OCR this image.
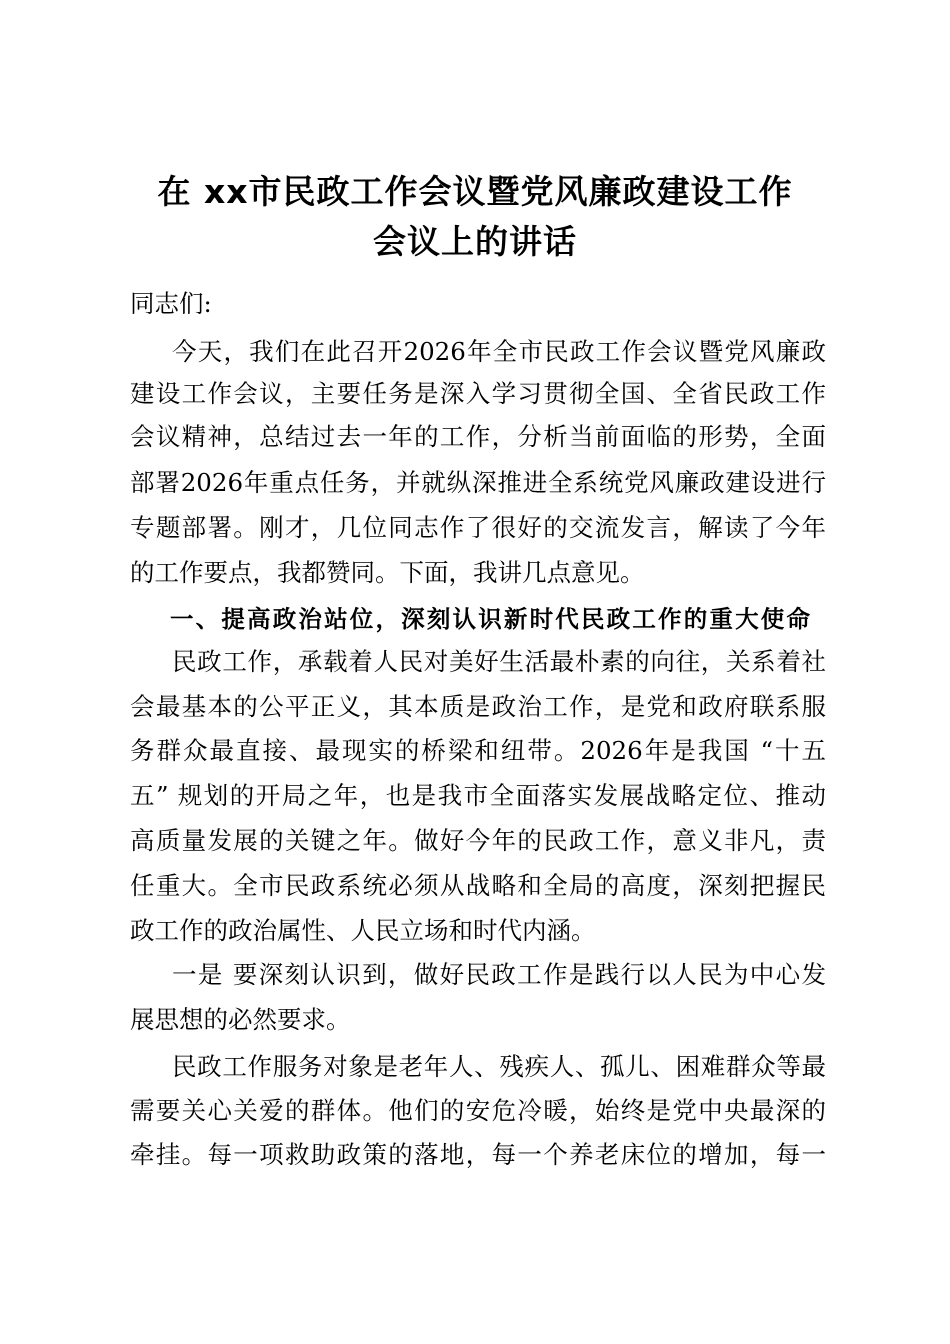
在 xx市民政工作会议暨党风廉政建设工作
会议上的讲话
同志们:
今天，我们在此召开2026年全市民政工作会议暨党风廉政
建设工作会议，主要任务是深入学习贯彻全国、全省民政工作
会议精神，总结过去一年的工作，分析当前面临的形势，全面
部署2026年重点任务，并就纵深推进全系统党风廉政建设进行
专题部署。刚才，几位同志作了很好的交流发言，解读了今年
的工作要点，我都赞同。下面，我讲几点意见。
一、提高政治站位，深刻认识新时代民政工作的重大使命
民政工作，承载着人民对美好生活最朴素的向往，关系着社
会最基本的公平正义，其本质是政治工作，是党和政府联系服
务群众最直接、最现实的桥梁和纽带。2026年是我国 “十五
五” 规划的开局之年，也是我市全面落实发展战略定位、推动
高质量发展的关键之年。做好今年的民政工作，意义非凡，责
任重大。全市民政系统必须从战略和全局的高度，深刻把握民
政工作的政治属性、人民立场和时代内涵。
一是 要深刻认识到，做好民政工作是践行以人民为中心发
展思想的必然要求。
民政工作服务对象是老年人、残疾人、孤儿、困难群众等最
需要关心关爱的群体。他们的安危冷暖，始终是党中央最深的
牵挂。每一项救助政策的落地，每一个养老床位的增加，每一
